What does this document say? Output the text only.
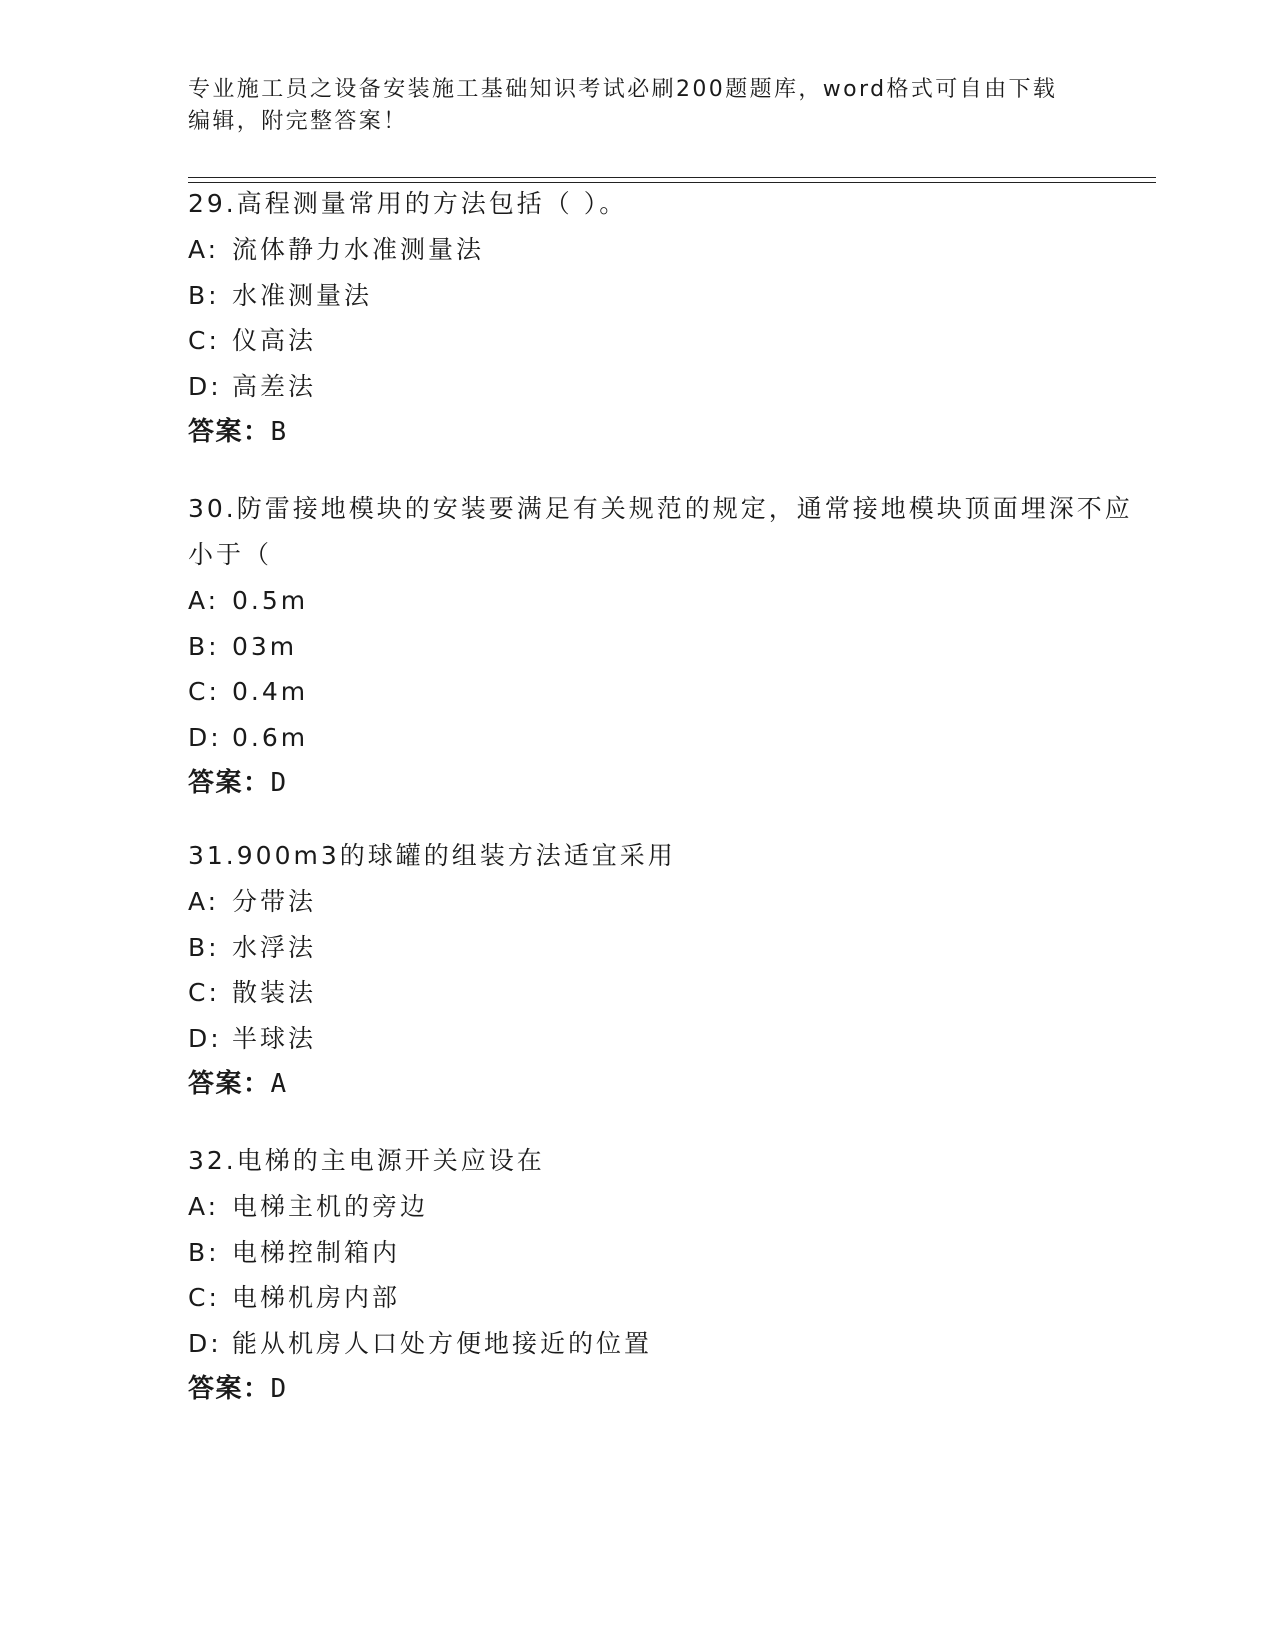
专业施工员之设备安装施工基础知识考试必刷200题题库，word格式可自由下载编辑，附完整答案！

29.高程测量常用的方法包括（ ）。

A: 流体静力水准测量法

B: 水准测量法

C: 仪高法

D: 高差法

答案：B

30.防雷接地模块的安装要满足有关规范的规定，通常接地模块顶面埋深不应小于（

A: 0.5m

B: 03m

C: 0.4m

D: 0.6m

答案：D

31.900m3的球罐的组装方法适宜采用

A: 分带法

B: 水浮法

C: 散装法

D: 半球法

答案：A

32.电梯的主电源开关应设在

A: 电梯主机的旁边

B: 电梯控制箱内

C: 电梯机房内部

D: 能从机房人口处方便地接近的位置

答案：D
